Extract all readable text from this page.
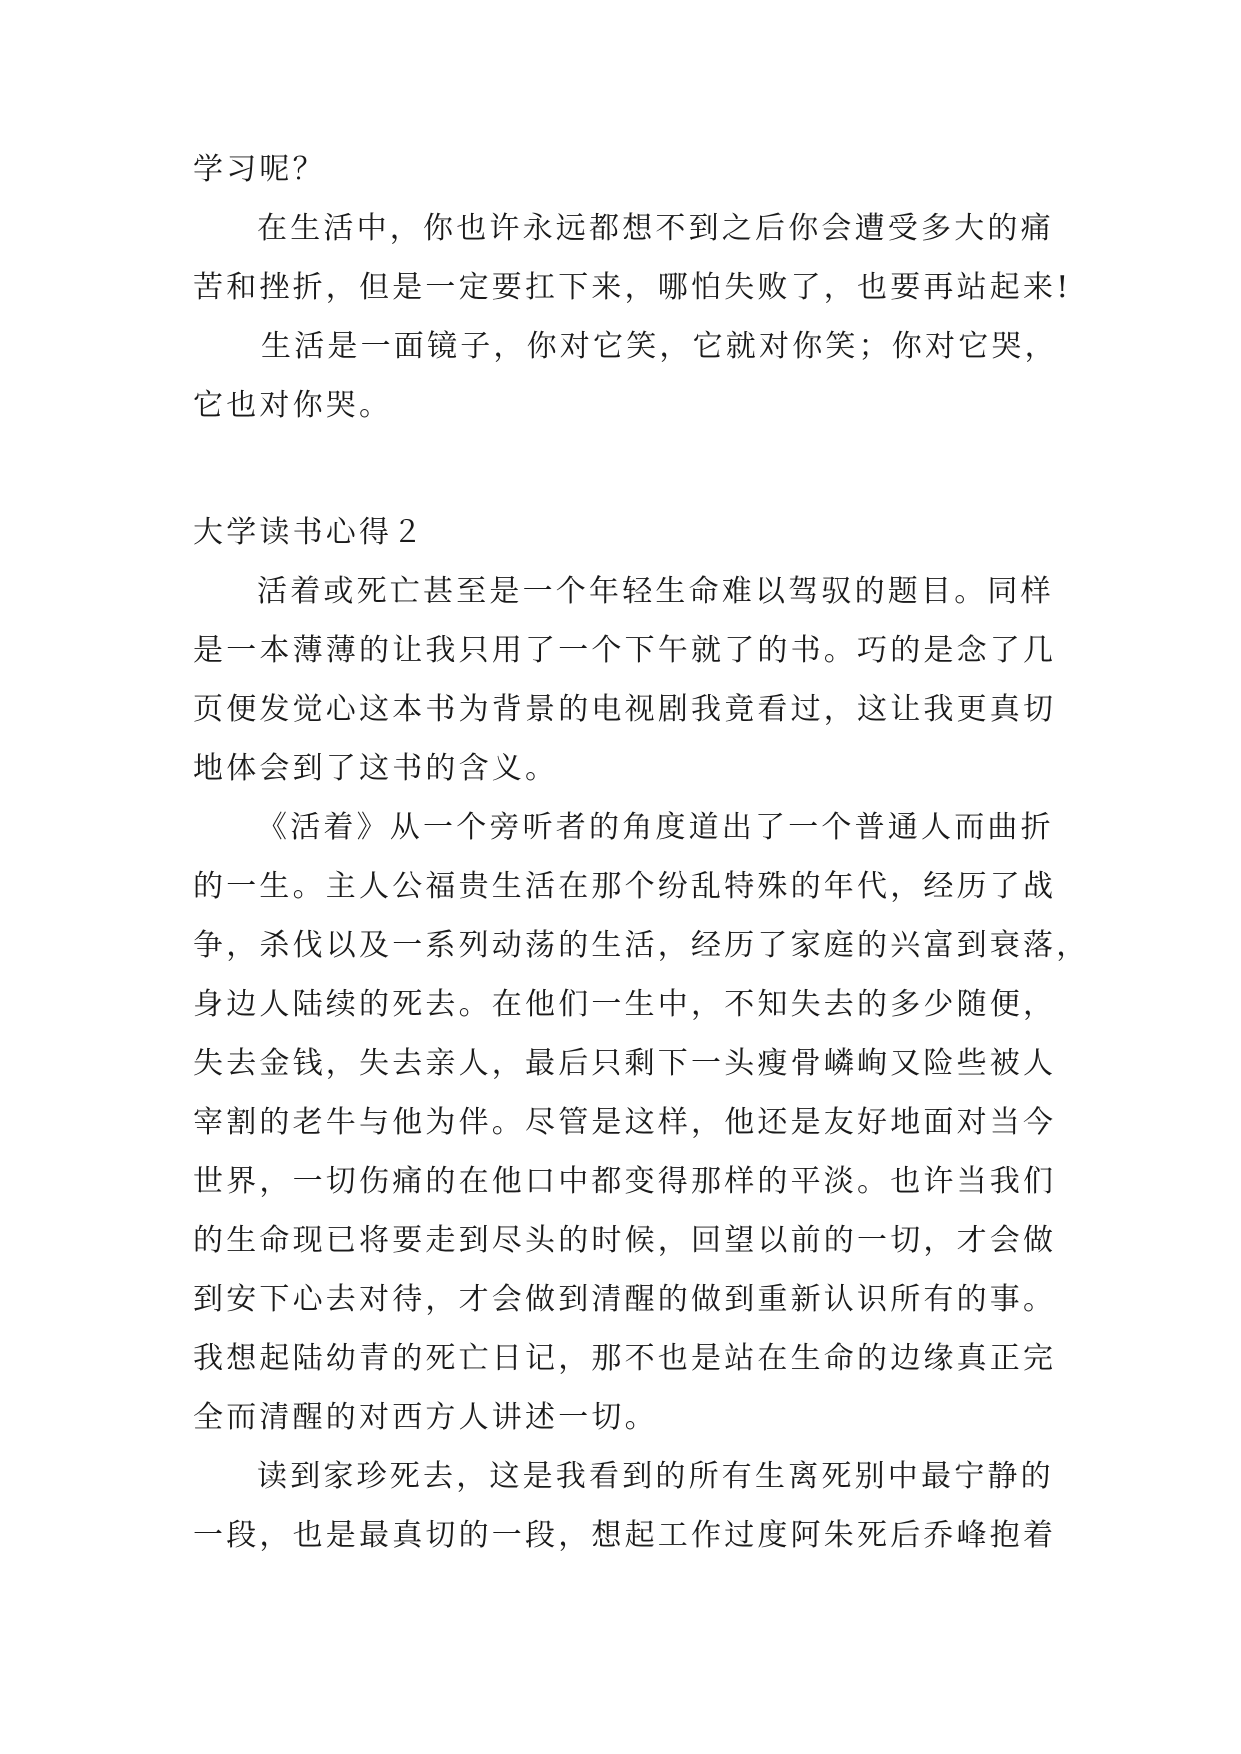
学习呢？
在生活中，你也许永远都想不到之后你会遭受多大的痛
苦和挫折，但是一定要扛下来，哪怕失败了，也要再站起来!
生活是一面镜子，你对它笑，它就对你笑；你对它哭，
它也对你哭。
大学读书心得２
活着或死亡甚至是一个年轻生命难以驾驭的题目。同样
是一本薄薄的让我只用了一个下午就了的书。巧的是念了几
页便发觉心这本书为背景的电视剧我竟看过，这让我更真切
地体会到了这书的含义。
《活着》从一个旁听者的角度道出了一个普通人而曲折
的一生。主人公福贵生活在那个纷乱特殊的年代，经历了战
争，杀伐以及一系列动荡的生活，经历了家庭的兴富到衰落，
身边人陆续的死去。在他们一生中，不知失去的多少随便，
失去金钱，失去亲人，最后只剩下一头瘦骨嶙峋又险些被人
宰割的老牛与他为伴。尽管是这样，他还是友好地面对当今
世界，一切伤痛的在他口中都变得那样的平淡。也许当我们
的生命现已将要走到尽头的时候，回望以前的一切，才会做
到安下心去对待，才会做到清醒的做到重新认识所有的事。
我想起陆幼青的死亡日记，那不也是站在生命的边缘真正完
全而清醒的对西方人讲述一切。
读到家珍死去，这是我看到的所有生离死别中最宁静的
一段，也是最真切的一段，想起工作过度阿朱死后乔峰抱着
